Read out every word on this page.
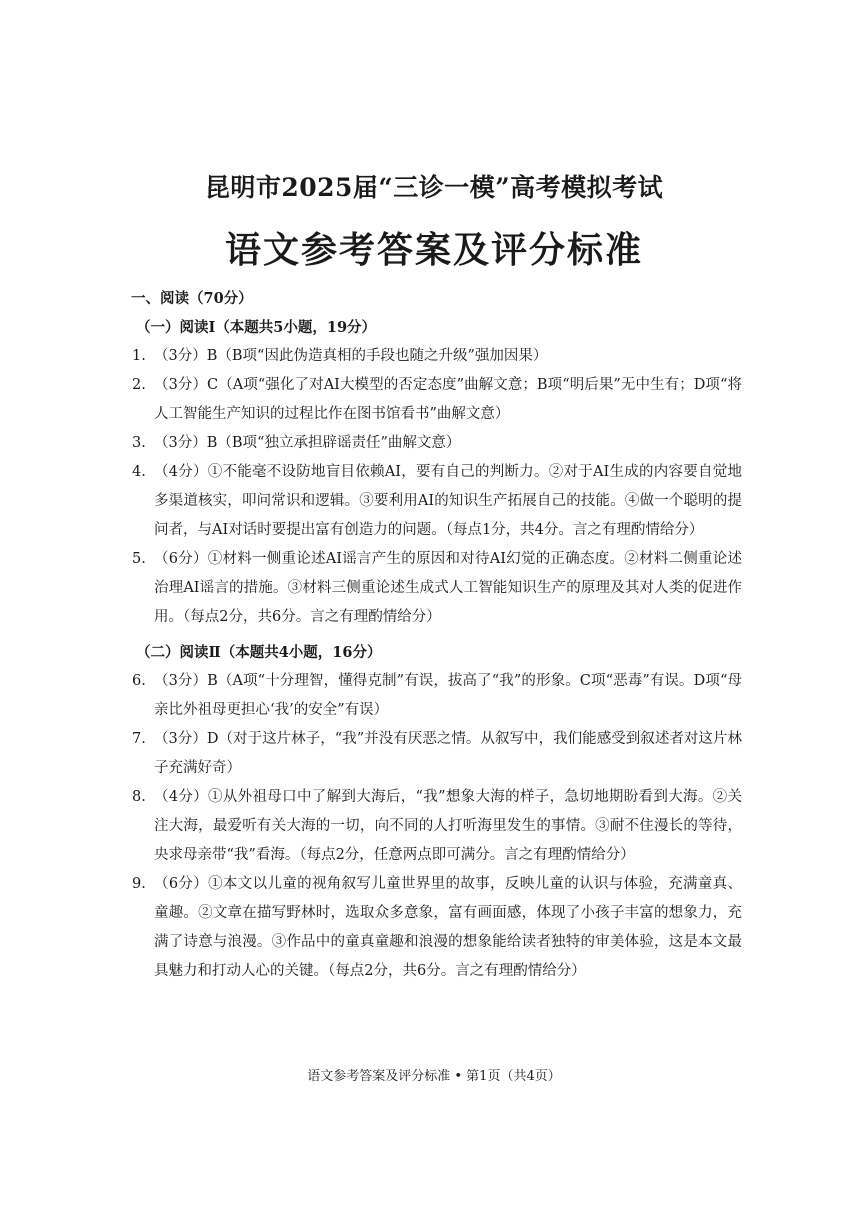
昆明市2025届“三诊一模”高考模拟考试
语文参考答案及评分标准
一、阅读（70分）
（一）阅读Ⅰ（本题共5小题，19分）
1. （3分）B（B项“因此伪造真相的手段也随之升级”强加因果）
2. （3分）C（A项“强化了对AI大模型的否定态度”曲解文意；B项“明后果”无中生有；D项“将人工智能生产知识的过程比作在图书馆看书”曲解文意）
3. （3分）B（B项“独立承担辟谣责任”曲解文意）
4. （4分）①不能毫不设防地盲目依赖AI，要有自己的判断力。②对于AI生成的内容要自觉地多渠道核实，叩问常识和逻辑。③要利用AI的知识生产拓展自己的技能。④做一个聪明的提问者，与AI对话时要提出富有创造力的问题。（每点1分，共4分。言之有理酌情给分）
5. （6分）①材料一侧重论述AI谣言产生的原因和对待AI幻觉的正确态度。②材料二侧重论述治理AI谣言的措施。③材料三侧重论述生成式人工智能知识生产的原理及其对人类的促进作用。（每点2分，共6分。言之有理酌情给分）
（二）阅读Ⅱ（本题共4小题，16分）
6. （3分）B（A项“十分理智，懂得克制”有误，拔高了“我”的形象。C项“恶毒”有误。D项“母亲比外祖母更担心‘我’的安全”有误）
7. （3分）D（对于这片林子，“我”并没有厌恶之情。从叙写中，我们能感受到叙述者对这片林子充满好奇）
8. （4分）①从外祖母口中了解到大海后，“我”想象大海的样子，急切地期盼看到大海。②关注大海，最爱听有关大海的一切，向不同的人打听海里发生的事情。③耐不住漫长的等待，央求母亲带“我”看海。（每点2分，任意两点即可满分。言之有理酌情给分）
9. （6分）①本文以儿童的视角叙写儿童世界里的故事，反映儿童的认识与体验，充满童真、童趣。②文章在描写野林时，选取众多意象，富有画面感，体现了小孩子丰富的想象力，充满了诗意与浪漫。③作品中的童真童趣和浪漫的想象能给读者独特的审美体验，这是本文最具魅力和打动人心的关键。（每点2分，共6分。言之有理酌情给分）
语文参考答案及评分标准 • 第1页（共4页）
